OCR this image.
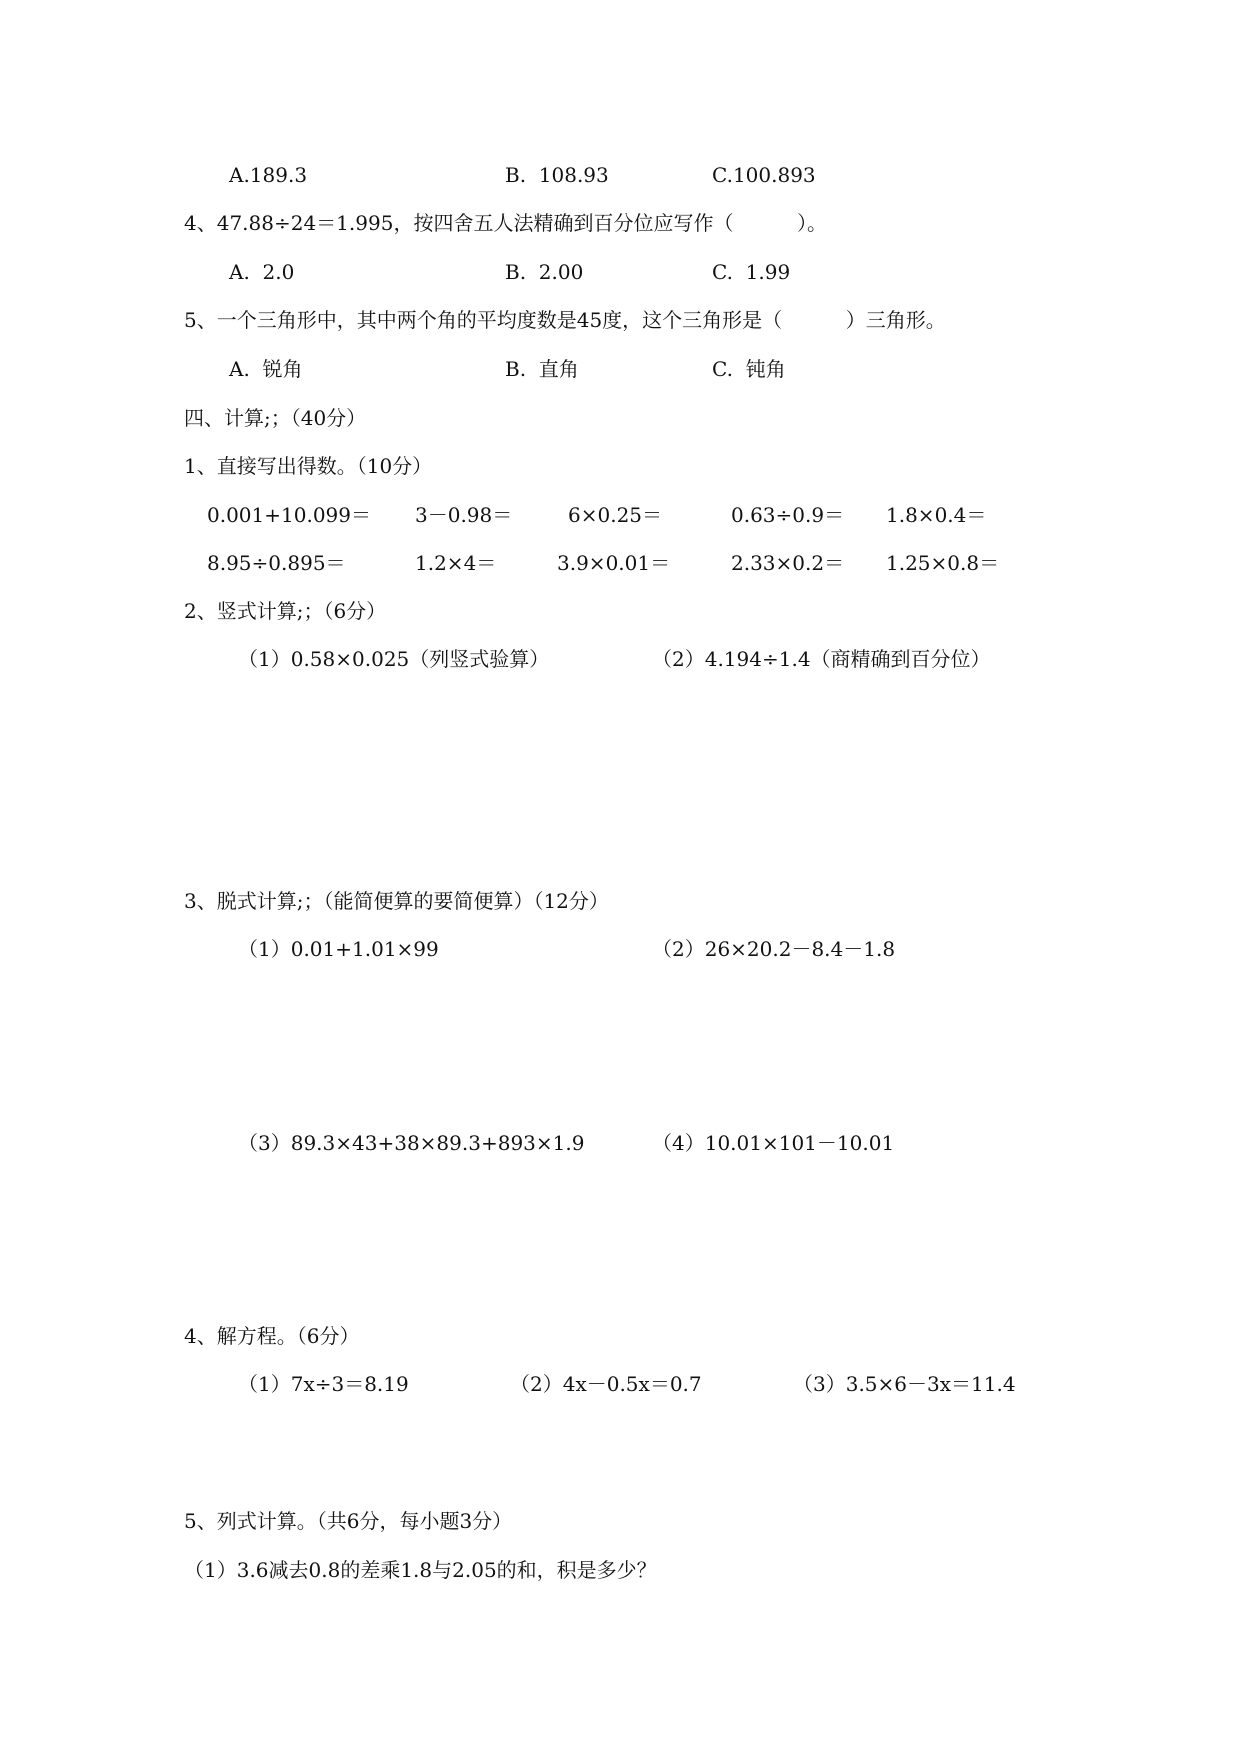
A.189.3	B.  108.93	C.100.893
4、47.88÷24＝1.995，按四舍五人法精确到百分位应写作（          ）。
A.  2.0	B.  2.00	C.  1.99
5、一个三角形中，其中两个角的平均度数是45度，这个三角形是（          ）三角形。
A.  锐角	B.  直角	C.  钝角
四、计算;；（40分）
1、直接写出得数。（10分）
0.001+10.099＝ 3－0.98＝	6×0.25＝	0.63÷0.9＝ 1.8×0.4＝
8.95÷0.895＝	1.2×4＝	3.9×0.01＝	2.33×0.2＝ 1.25×0.8＝
2、竖式计算;；（6分）
（1）0.58×0.025（列竖式验算）	（2）4.194÷1.4（商精确到百分位）
3、脱式计算;；（能简便算的要简便算）（12分）
（1）0.01+1.01×99	（2）26×20.2－8.4－1.8
（3）89.3×43+38×89.3+893×1.9	（4）10.01×101－10.01
4、解方程。（6分）
（1）7x÷3＝8.19	（2）4x－0.5x＝0.7	（3）3.5×6－3x＝11.4
5、列式计算。（共6分，每小题3分）
（1）3.6减去0.8的差乘1.8与2.05的和，积是多少？
